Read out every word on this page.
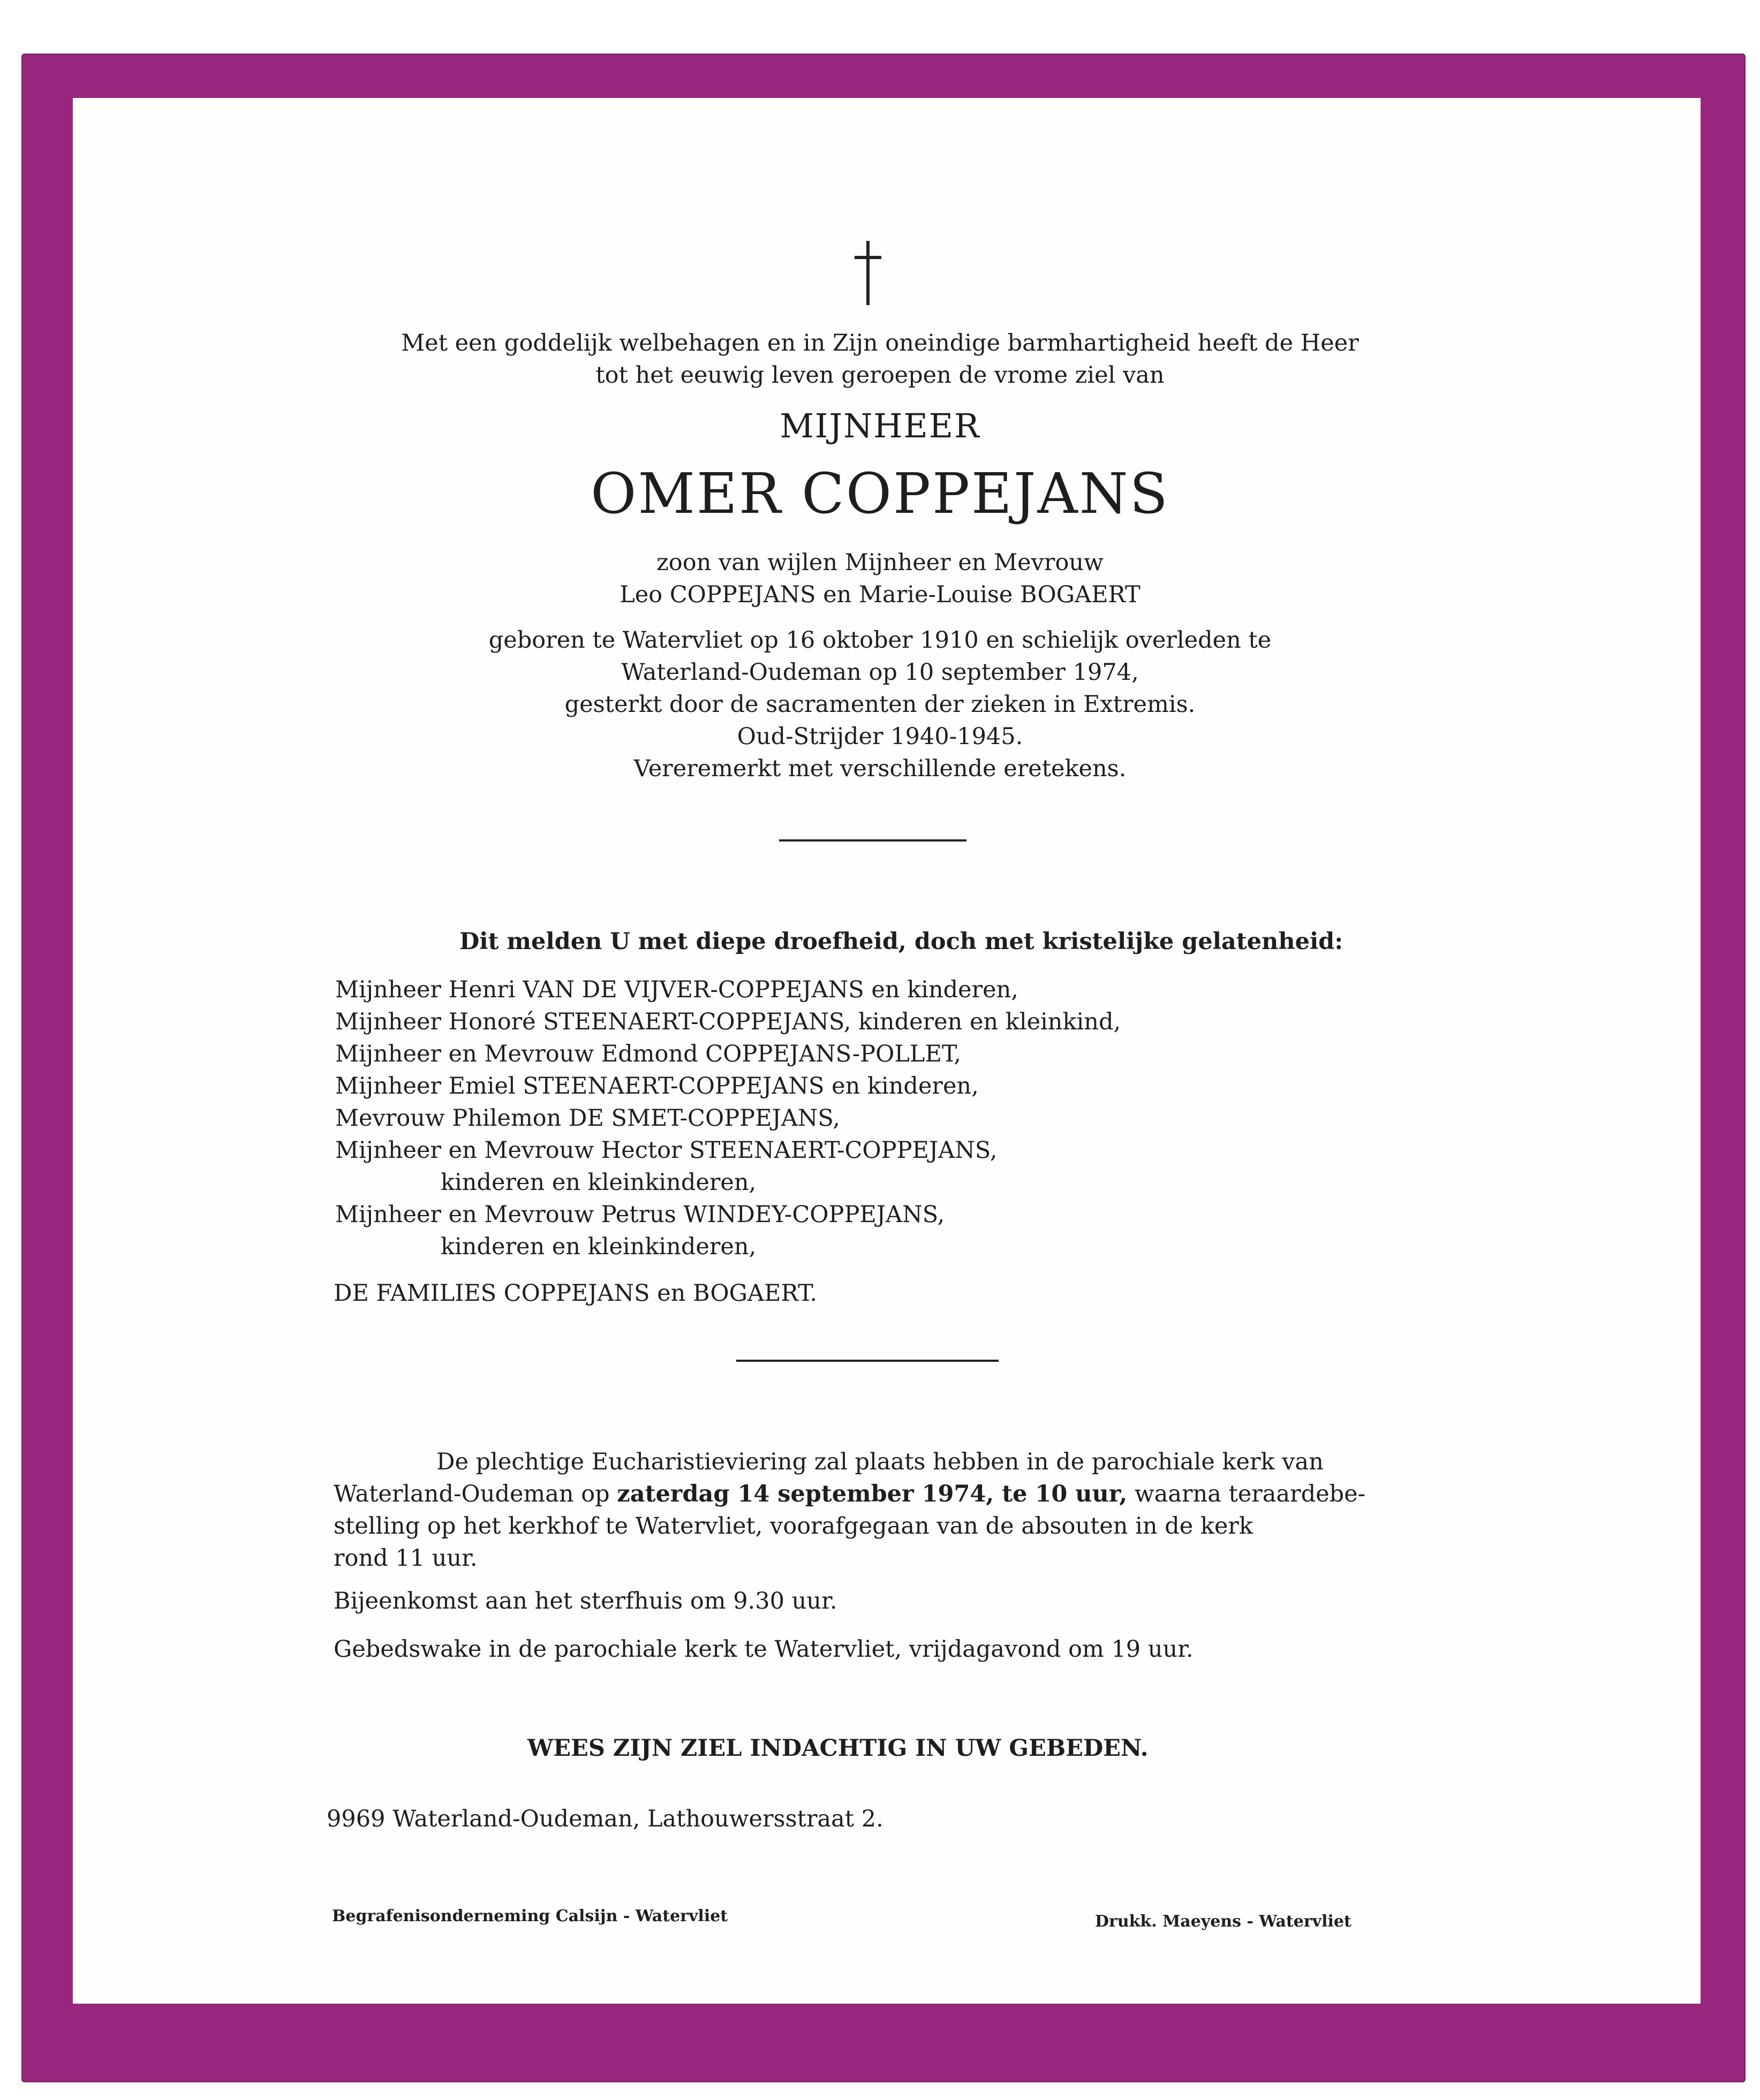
Met een goddelijk welbehagen en in Zijn oneindige barmhartigheid heeft de Heer
tot het eeuwig leven geroepen de vrome ziel van
MIJNHEER
OMER COPPEJANS
zoon van wijlen Mijnheer en Mevrouw
Leo COPPEJANS en Marie-Louise BOGAERT
geboren te Watervliet op 16 oktober 1910 en schielijk overleden te
Waterland-Oudeman op 10 september 1974,
gesterkt door de sacramenten der zieken in Extremis.
Oud-Strijder 1940-1945.
Vereremerkt met verschillende eretekens.
Dit melden U met diepe droefheid, doch met kristelijke gelatenheid:
Mijnheer Henri VAN DE VIJVER-COPPEJANS en kinderen,
Mijnheer Honoré STEENAERT-COPPEJANS, kinderen en kleinkind,
Mijnheer en Mevrouw Edmond COPPEJANS-POLLET,
Mijnheer Emiel STEENAERT-COPPEJANS en kinderen,
Mevrouw Philemon DE SMET-COPPEJANS,
Mijnheer en Mevrouw Hector STEENAERT-COPPEJANS,
kinderen en kleinkinderen,
Mijnheer en Mevrouw Petrus WINDEY-COPPEJANS,
kinderen en kleinkinderen,
DE FAMILIES COPPEJANS en BOGAERT.
De plechtige Eucharistieviering zal plaats hebben in de parochiale kerk van
Waterland-Oudeman op zaterdag 14 september 1974, te 10 uur, waarna teraardebe-
stelling op het kerkhof te Watervliet, voorafgegaan van de absouten in de kerk
rond 11 uur.
Bijeenkomst aan het sterfhuis om 9.30 uur.
Gebedswake in de parochiale kerk te Watervliet, vrijdagavond om 19 uur.
WEES ZIJN ZIEL INDACHTIG IN UW GEBEDEN.
9969 Waterland-Oudeman, Lathouwersstraat 2.
Begrafenisonderneming Calsijn - Watervliet	Drukk. Maeyens - Watervliet
